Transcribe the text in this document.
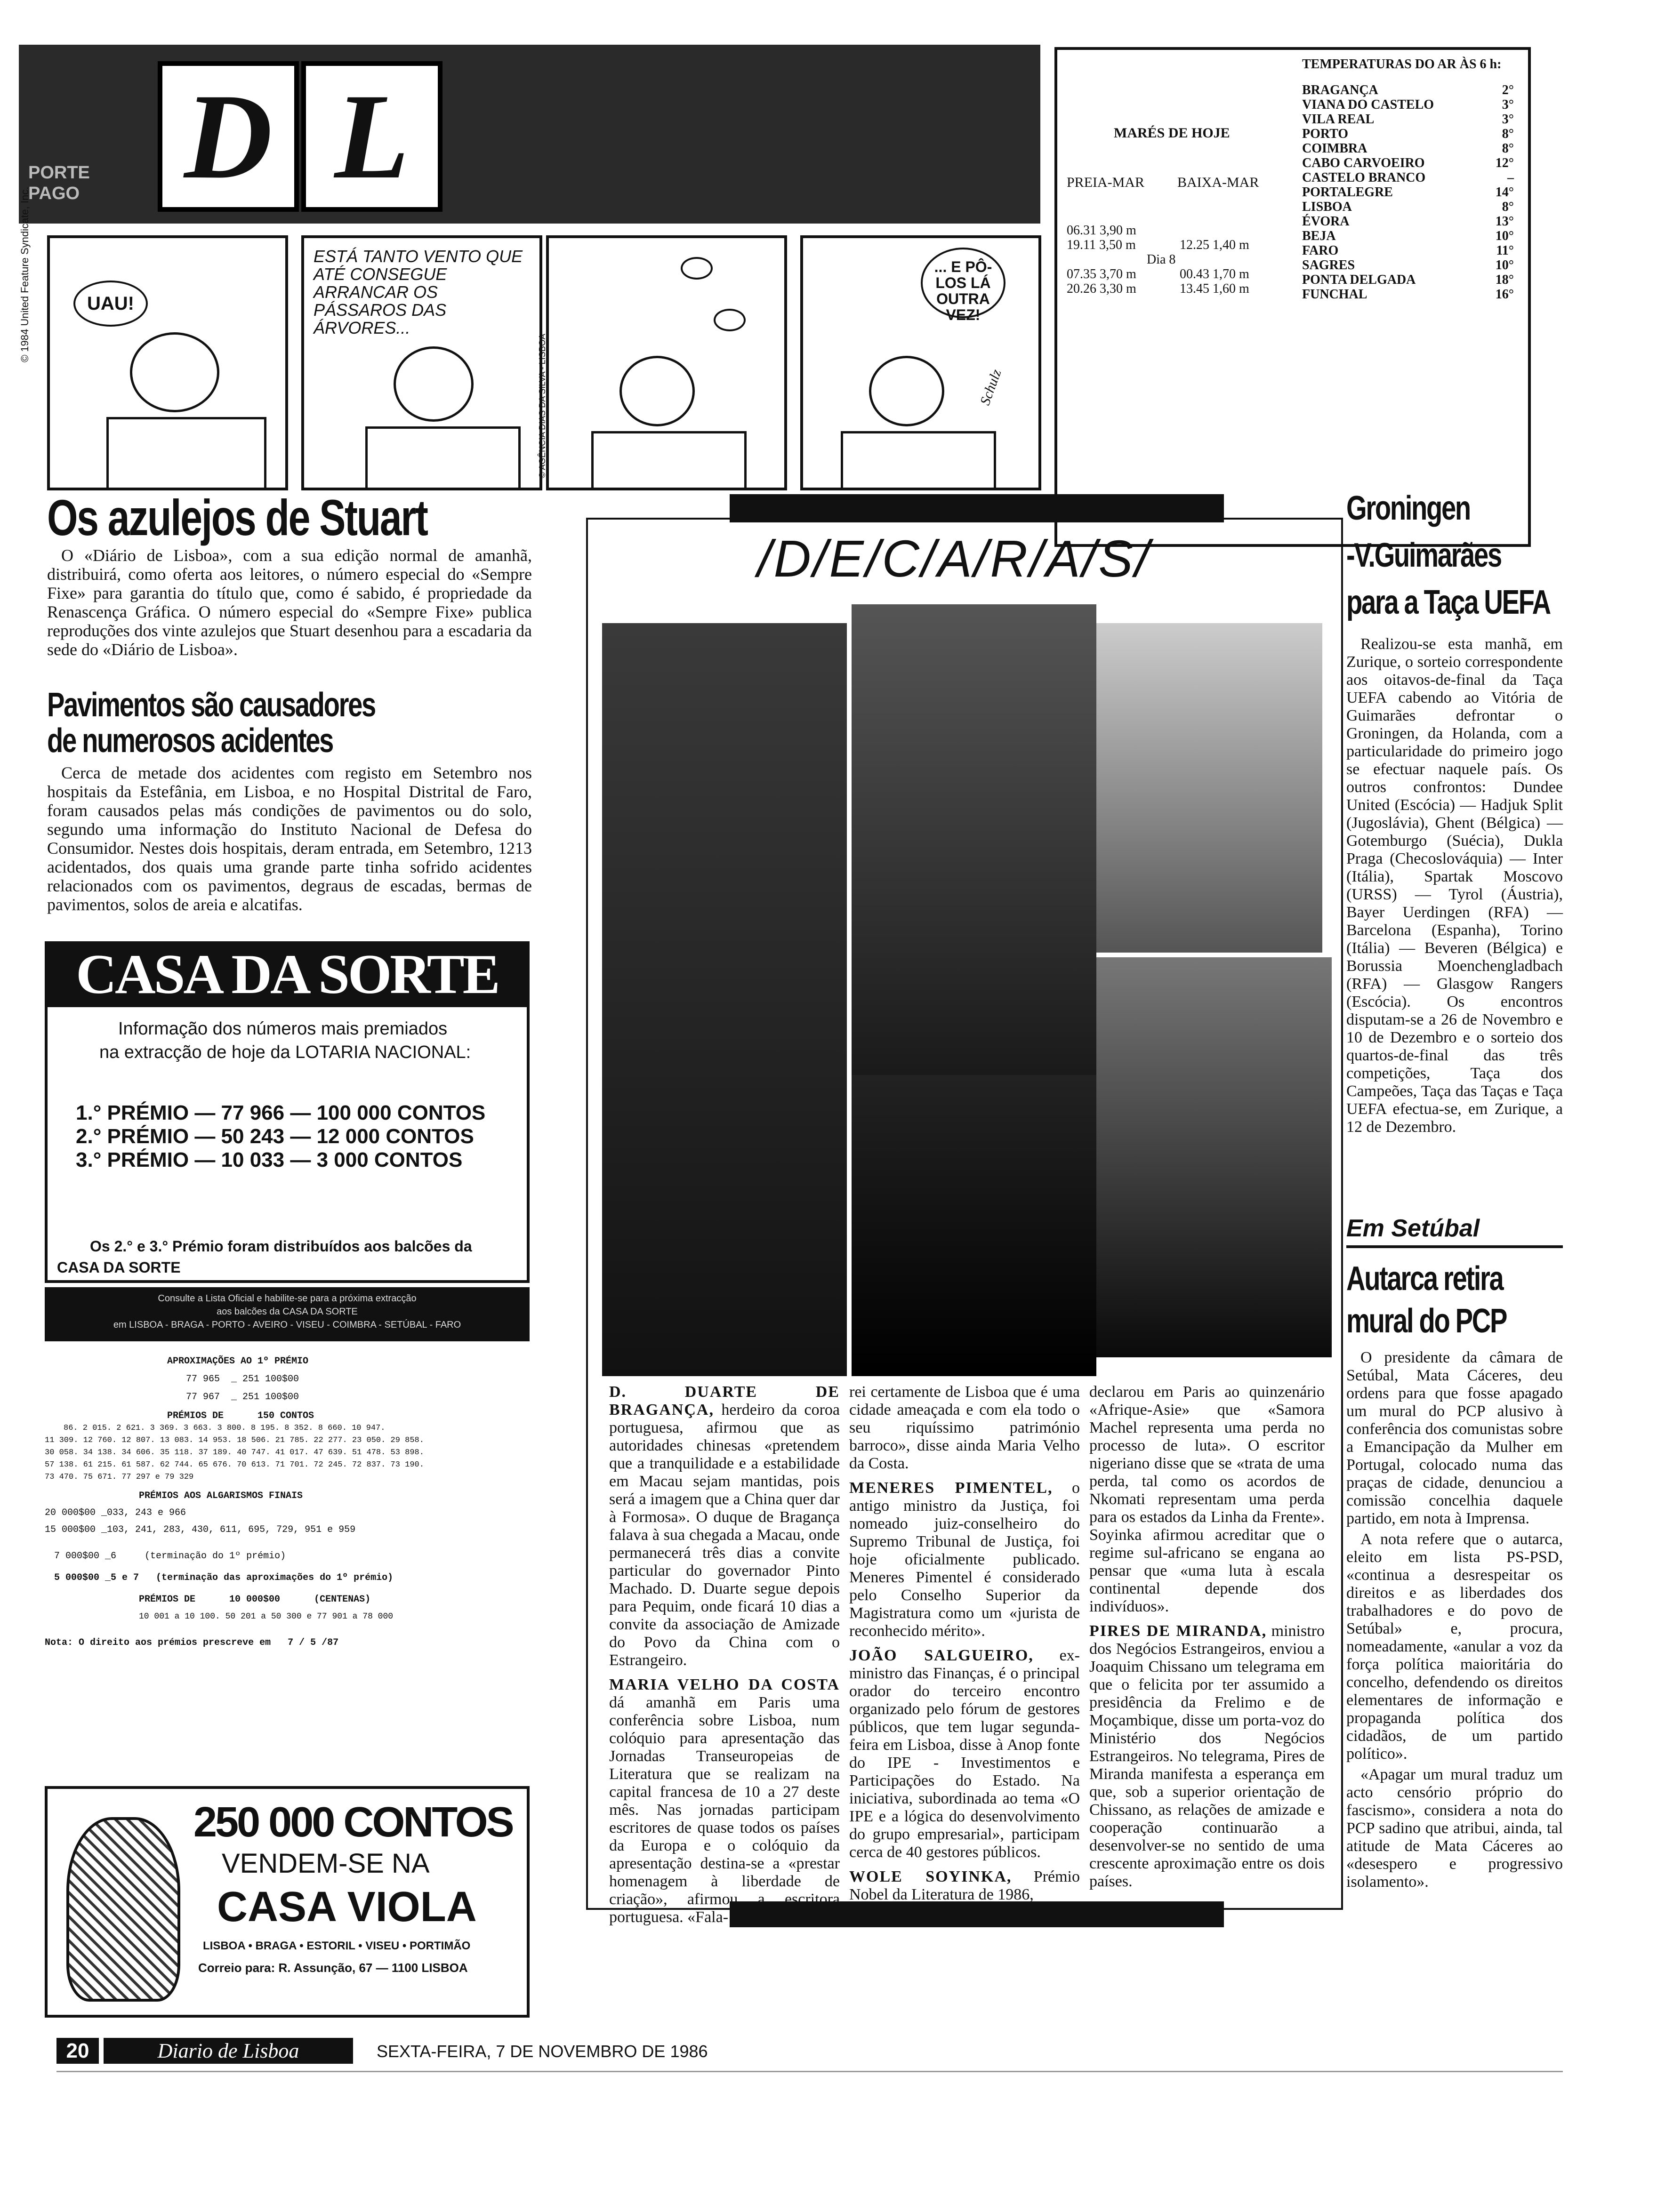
PORTE PAGO D L
TEMPERATURAS DO AR ÀS 6 h:
MARÉS DE HOJE
PREIA-MAR BAIXA-MAR
06.31 3,90 m
19.11 3,50 m	12.25 1,40 m
Dia 8
07.35 3,70 m	00.43 1,70 m
20.26 3,30 m	13.45 1,60 m
BRAGANÇA	2°
VIANA DO CASTELO	3°
VILA REAL	3°
PORTO	8°
COIMBRA	8°
CABO CARVOEIRO	12°
CASTELO BRANCO	–
PORTALEGRE	14°
LISBOA	8°
ÉVORA	13°
BEJA	10°
FARO	11°
SAGRES	10°
PONTA DELGADA	18°
FUNCHAL	16°
© 1984 United Feature Syndicate, Inc.	UAU!
ESTÁ TANTO VENTO QUE ATÉ CONSEGUE ARRANCAR OS PÁSSAROS DAS ÁRVORES...
© AGÊNCIA DIAS DA SILVA - LISBOA
... E PÔ-LOS LÁ OUTRA VEZ!
Schulz
Os azulejos de Stuart

O «Diário de Lisboa», com a sua edição normal de amanhã, distribuirá, como oferta aos leitores, o número especial do «Sempre Fixe» para garantia do título que, como é sabido, é propriedade da Renascença Gráfica. O número especial do «Sempre Fixe» publica reproduções dos vinte azulejos que Stuart desenhou para a escadaria da sede do «Diário de Lisboa».

Pavimentos são causadores
de numerosos acidentes

Cerca de metade dos acidentes com registo em Setembro nos hospitais da Estefânia, em Lisboa, e no Hospital Distrital de Faro, foram causados pelas más condições de pavimentos ou do solo, segundo uma informação do Instituto Nacional de Defesa do Consumidor. Nestes dois hospitais, deram entrada, em Setembro, 1213 acidentados, dos quais uma grande parte tinha sofrido acidentes relacionados com os pavimentos, degraus de escadas, bermas de pavimentos, solos de areia e alcatifas.

CASA DA SORTE
Informação dos números mais premiados
na extracção de hoje da LOTARIA NACIONAL:
1.° PRÉMIO — 77 966 — 100 000 CONTOS
2.° PRÉMIO — 50 243 — 12 000 CONTOS
3.° PRÉMIO — 10 033 — 3 000 CONTOS
Os 2.° e 3.° Prémio foram distribuídos aos balcões da
CASA DA SORTE
Consulte a Lista Oficial e habilite-se para a próxima extracção
aos balcões da CASA DA SORTE
em LISBOA - BRAGA - PORTO - AVEIRO - VISEU - COIMBRA - SETÚBAL - FARO
APROXIMAÇÕES AO 1º PRÉMIO
77 965  _ 251 100$00
77 967  _ 251 100$00
PRÉMIOS DE      150 CONTOS
86. 2 015. 2 621. 3 369. 3 663. 3 800. 8 195. 8 352. 8 660. 10 947.
11 309. 12 760. 12 807. 13 083. 14 953. 18 506. 21 785. 22 277. 23 050. 29 858.
30 058. 34 138. 34 606. 35 118. 37 189. 40 747. 41 017. 47 639. 51 478. 53 898.
57 138. 61 215. 61 587. 62 744. 65 676. 70 613. 71 701. 72 245. 72 837. 73 190.
73 470. 75 671. 77 297 e 79 329
PRÉMIOS AOS ALGARISMOS FINAIS
20 000$00 _033, 243 e 966
15 000$00 _103, 241, 283, 430, 611, 695, 729, 951 e 959
7 000$00 _6     (terminação do 1º prémio)
5 000$00 _5 e 7   (terminação das aproximações do 1º prémio)
PRÉMIOS DE      10 000$00      (CENTENAS)
10 001 a 10 100. 50 201 a 50 300 e 77 901 a 78 000
Nota: O direito aos prémios prescreve em   7 / 5 /87
250 000 CONTOS
VENDEM-SE NA
CASA VIOLA
LISBOA • BRAGA • ESTORIL • VISEU • PORTIMÃO
Correio para: R. Assunção, 67 — 1100 LISBOA
/D/E/C/A/R/A/S/

D. DUARTE DE BRAGANÇA, herdeiro da coroa portuguesa, afirmou que as autoridades chinesas «pretendem que a tranquilidade e a estabilidade em Macau sejam mantidas, pois será a imagem que a China quer dar à Formosa». O duque de Bragança falava à sua chegada a Macau, onde permanecerá três dias a convite particular do governador Pinto Machado. D. Duarte segue depois para Pequim, onde ficará 10 dias a convite da associação de Amizade do Povo da China com o Estrangeiro.

MARIA VELHO DA COSTA dá amanhã em Paris uma conferência sobre Lisboa, num colóquio para apresentação das Jornadas Transeuropeias de Literatura que se realizam na capital francesa de 10 a 27 deste mês. Nas jornadas participam escritores de quase todos os países da Europa e o colóquio da apresentação destina-se a «prestar homenagem à liberdade de criação», afirmou a escritora portuguesa. «Fala-

rei certamente de Lisboa que é uma cidade ameaçada e com ela todo o seu riquíssimo património barroco», disse ainda Maria Velho da Costa.

MENERES PIMENTEL, o antigo ministro da Justiça, foi nomeado juiz-conselheiro do Supremo Tribunal de Justiça, foi hoje oficialmente publicado. Meneres Pimentel é considerado pelo Conselho Superior da Magistratura como um «jurista de reconhecido mérito».

JOÃO SALGUEIRO, ex-ministro das Finanças, é o principal orador do terceiro encontro organizado pelo fórum de gestores públicos, que tem lugar segunda-feira em Lisboa, disse à Anop fonte do IPE - Investimentos e Participações do Estado. Na iniciativa, subordinada ao tema «O IPE e a lógica do desenvolvimento do grupo empresarial», participam cerca de 40 gestores públicos.

WOLE SOYINKA, Prémio Nobel da Literatura de 1986,

declarou em Paris ao quinzenário «Afrique-Asie» que «Samora Machel representa uma perda no processo de luta». O escritor nigeriano disse que se «trata de uma perda, tal como os acordos de Nkomati representam uma perda para os estados da Linha da Frente». Soyinka afirmou acreditar que o regime sul-africano se engana ao pensar que «uma luta à escala continental depende dos indivíduos».

PIRES DE MIRANDA, ministro dos Negócios Estrangeiros, enviou a Joaquim Chissano um telegrama em que o felicita por ter assumido a presidência da Frelimo e de Moçambique, disse um porta-voz do Ministério dos Negócios Estrangeiros. No telegrama, Pires de Miranda manifesta a esperança em que, sob a superior orientação de Chissano, as relações de amizade e cooperação continuarão a desenvolver-se no sentido de uma crescente aproximação entre os dois países.

Groningen
-V.Guimarães
para a Taça UEFA

Realizou-se esta manhã, em Zurique, o sorteio correspondente aos oitavos-de-final da Taça UEFA cabendo ao Vitória de Guimarães defrontar o Groningen, da Holanda, com a particularidade do primeiro jogo se efectuar naquele país. Os outros confrontos: Dundee United (Escócia) — Hadjuk Split (Jugoslávia), Ghent (Bélgica) — Gotemburgo (Suécia), Dukla Praga (Checoslováquia) — Inter (Itália), Spartak Moscovo (URSS) — Tyrol (Áustria), Bayer Uerdingen (RFA) — Barcelona (Espanha), Torino (Itália) — Beveren (Bélgica) e Borussia Moenchengladbach (RFA) — Glasgow Rangers (Escócia). Os encontros disputam-se a 26 de Novembro e 10 de Dezembro e o sorteio dos quartos-de-final das três competições, Taça dos Campeões, Taça das Taças e Taça UEFA efectua-se, em Zurique, a 12 de Dezembro.

Em Setúbal
Autarca retira
mural do PCP

O presidente da câmara de Setúbal, Mata Cáceres, deu ordens para que fosse apagado um mural do PCP alusivo à conferência dos comunistas sobre a Emancipação da Mulher em Portugal, colocado numa das praças de cidade, denunciou a comissão concelhia daquele partido, em nota à Imprensa.

A nota refere que o autarca, eleito em lista PS-PSD, «continua a desrespeitar os direitos e as liberdades dos trabalhadores e do povo de Setúbal» e, procura, nomeadamente, «anular a voz da força política maioritária do concelho, defendendo os direitos elementares de informação e propaganda política dos cidadãos, de um partido político».

«Apagar um mural traduz um acto censório próprio do fascismo», considera a nota do PCP sadino que atribui, ainda, tal atitude de Mata Cáceres ao «desespero e progressivo isolamento».

20	Diario de Lisboa	SEXTA-FEIRA, 7 DE NOVEMBRO DE 1986
